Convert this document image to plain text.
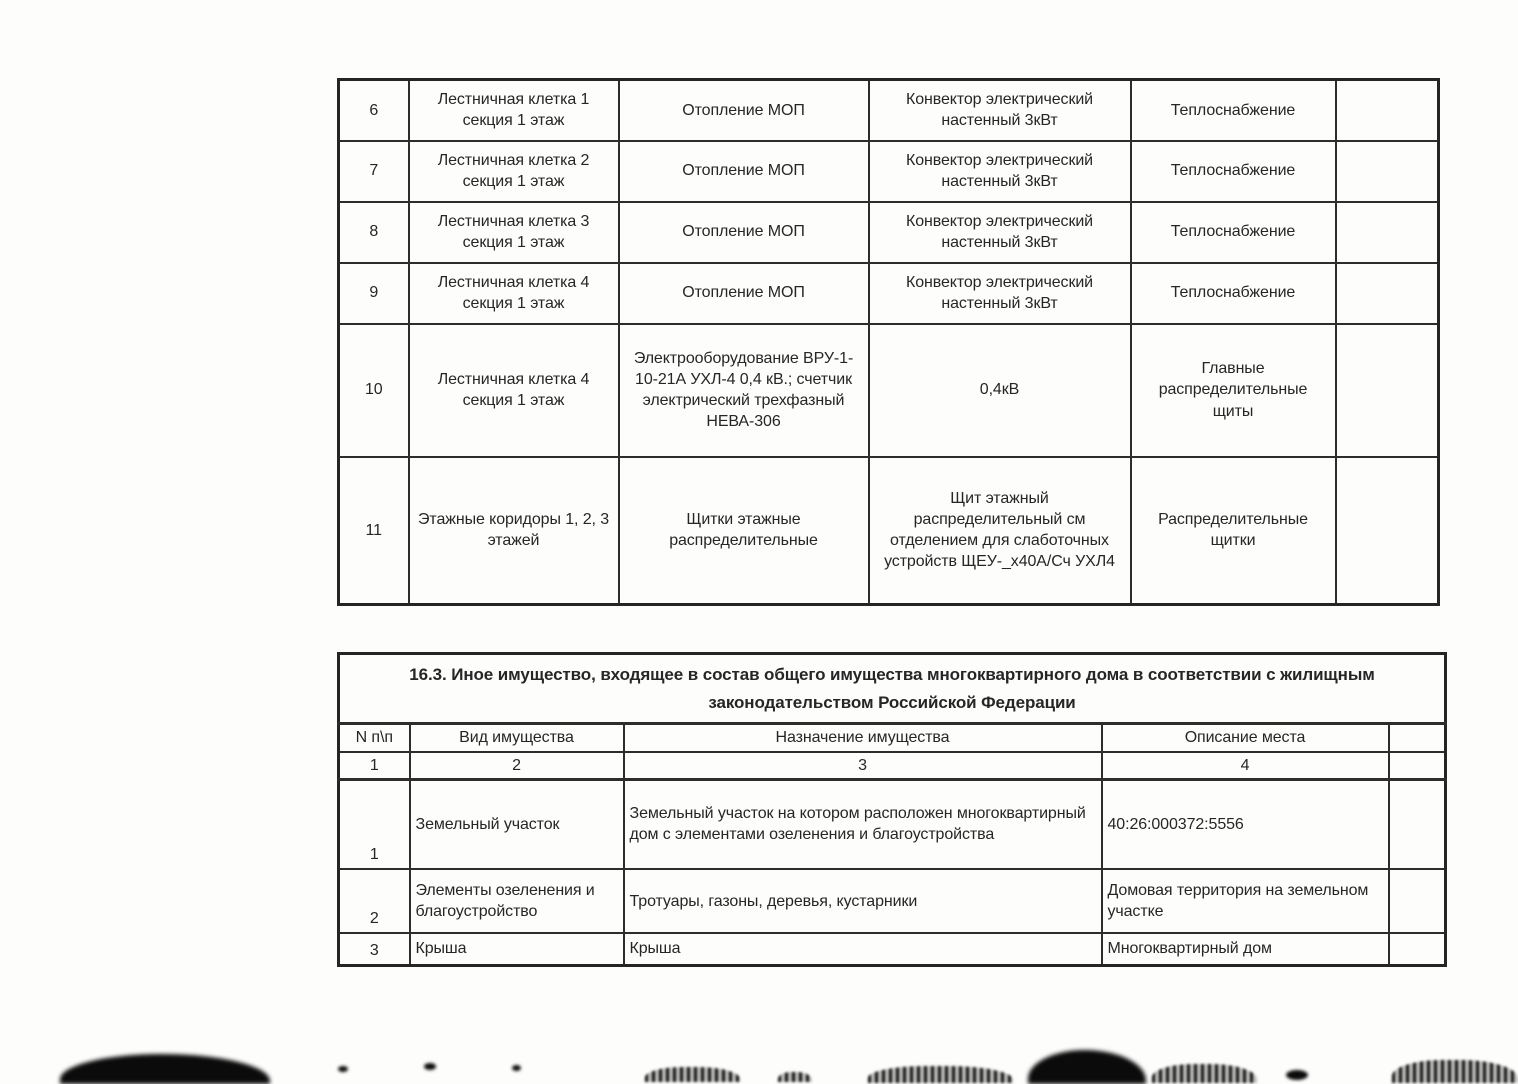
6	Лестничная клетка 1 секция 1 этаж	Отопление МОП	Конвектор электрический настенный 3кВт	Теплоснабжение	
7	Лестничная клетка 2 секция 1 этаж	Отопление МОП	Конвектор электрический настенный 3кВт	Теплоснабжение	
8	Лестничная клетка 3 секция 1 этаж	Отопление МОП	Конвектор электрический настенный 3кВт	Теплоснабжение	
9	Лестничная клетка 4 секция 1 этаж	Отопление МОП	Конвектор электрический настенный 3кВт	Теплоснабжение	
10	Лестничная клетка 4 секция 1 этаж	Электрооборудование ВРУ-1-10-21А УХЛ-4 0,4 кВ.; счетчик электрический трехфазный НЕВА-306	0,4кВ	Главные распределительные щиты	
11	Этажные коридоры 1, 2, 3 этажей	Щитки этажные распределительные	Щит этажный распределительный см отделением для слаботочных устройств ЩЕУ-_х40А/Сч УХЛ4	Распределительные щитки	
16.3. Иное имущество, входящее в состав общего имущества многоквартирного дома в соответствии с жилищным законодательством Российской Федерации				
N п\п	Вид имущества	Назначение имущества	Описание места	
1	2	3	4	
1	Земельный участок	Земельный участок на котором расположен многоквартирный дом с элементами озеленения и благоустройства	40:26:000372:5556	
2	Элементы озеленения и благоустройство	Тротуары, газоны, деревья, кустарники	Домовая территория на земельном участке	
3	Крыша	Крыша	Многоквартирный дом	
